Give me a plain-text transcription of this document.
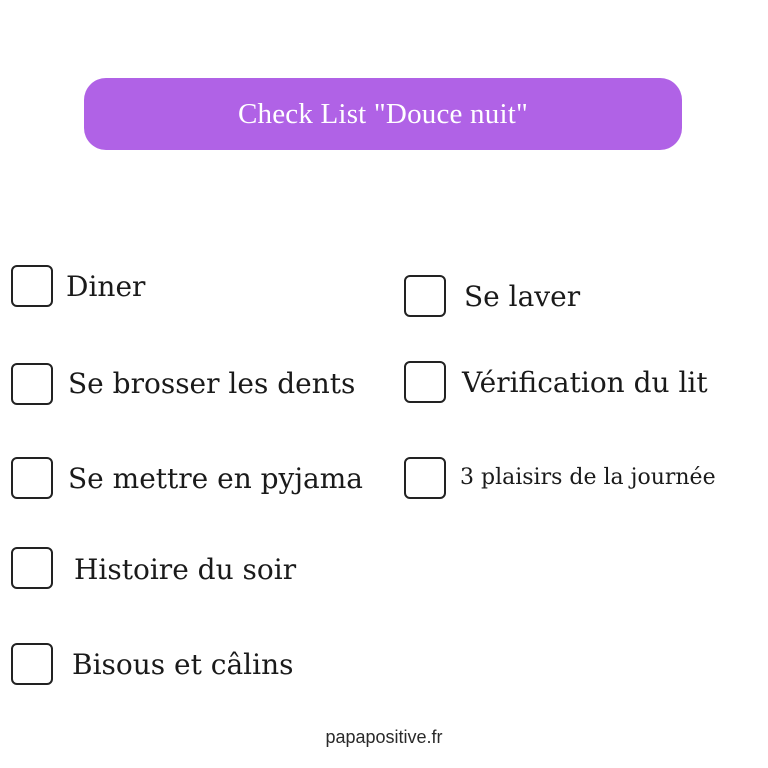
Check List "Douce nuit"
Diner
Se brosser les dents
Se mettre en pyjama
Histoire du soir
Bisous et câlins
Se laver
Vérification du lit
3 plaisirs de la journée
papapositive.fr
